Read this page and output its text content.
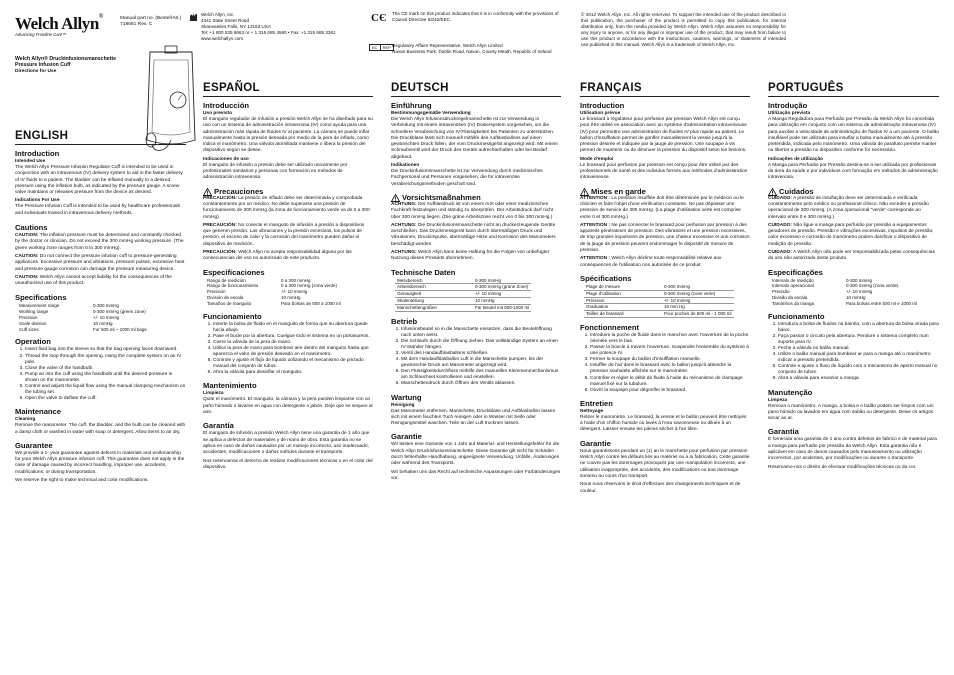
Welch Allyn®
Advancing Frontline Care™
Manual part no. (Bestell-Nr.)
718681 Rev. C
Welch Allyn® Druckinfusionsmanschette
Pressure Infusion Cuff
Directions for Use
Welch Allyn, Inc.
4341 State Street Road
Skaneateles Falls, NY 13153 USA
Tel: +1 800 535 6663 or + 1 315 685 4560 • Fax: +1 315 685 3361
www.welchallyn.com
CЄ The CE mark on this product indicates that it is in conformity with the provisions of Council Directive 93/42/EEC.
EC	REP Regulatory Affairs Representative, Welch Allyn Limited
Navan Business Park, Dublin Road, Navan, County Meath, Republic of Ireland
© 2012 Welch Allyn, Inc. All rights reserved. To support the intended use of the product described in this publication, the purchaser of the product is permitted to copy this publication, for internal distribution only, from the media provided by Welch Allyn. Welch Allyn assumes no responsibility for any injury to anyone, or for any illegal or improper use of the product, that may result from failure to use this product in accordance with the instructions, cautions, warnings, or statement of intended use published in this manual. Welch Allyn is a trademark of Welch Allyn, Inc.
ENGLISH
Introduction
Intended Use
The Welch Allyn Pressure Infusion Regulator Cuff is intended to be used in conjunction with an intravenous (IV) delivery system to aid in the faster delivery of IV fluids to a patient. The bladder can be inflated manually to a desired pressure using the inflation bulb, as indicated by the pressure gauge. A screw valve maintains or releases pressure from the device as desired.
Indications For Use
The Pressure Infusion Cuff is intended to be used by healthcare professionals and individuals trained in intravenous delivery methods.
Cautions
CAUTION: The inflation pressure must be determined and constantly checked by the doctor or clinician. Do not exceed the 300 mmHg working pressure. (The green working zone ranges from 0 to 300 mmHg).
CAUTION: Do not connect the pressure infusion cuff to pressure-generating appliances. Excessive pressure and vibrations, pressure pulses, excessive heat and pressure gauge corrosion can damage the pressure measuring device.
CAUTION: Welch Allyn cannot accept liability for the consequences of the unauthorized use of this product.
Specifications
Measurement range	0-300 mmHg
Working range	0-300 mmHg (green zone)
Precision	+/- 10 mmHg
Scale division	10 mmHg
Cuff sizes	For 500 ml ~ 1000 ml bags
Operation
1. Insert fluid bag into the sleeve so that the bag opening faces downward.
2. Thread the loop through the opening. Hang the complete system on an IV pole.
3. Close the valve of the handbulb.
4. Pump air into the cuff using the handbulb until the desired pressure is shown on the manometer.
5. Control and adjust the liquid flow using the manual clamping mechanism on the tubing set.
6. Open the valve to deflate the cuff.
Maintenance
Cleaning
Remove the manometer. The cuff, the bladder, and the bulb can be cleaned with a damp cloth or washed in water with soap or detergent. Allow items to air dry.
Guarantee
We provide a 1- year guarantee against defects in materials and workmanship for your Welch Allyn pressure infusion cuff. This guarantee does not apply in the case of damage caused by incorrect handling, improper use, accidents, modifications, or during transportation.
We reserve the right to make technical and color modifications.
ESPAÑOL
Introducción
Uso previsto
El manguito regulador de infusión a presión Welch Allyn se ha diseñado para su uso con un sistema de administración intravenosa (IV) como ayuda para una administración más rápida de fluidos IV al paciente. La cámara se puede inflar manualmente hasta la presión deseada por medio de la pera de inflado, como indica el manómetro. Una válvula atornillada mantiene o libera la presión del dispositivo según se desee.
Indicaciones de uso
El manguito de infusión a presión debe ser utilizado únicamente por profesionales sanitarios y personas con formación en métodos de administración intravenosa.
Precauciones
PRECAUCIÓN: La presión de inflado debe ser determinada y comprobada constantemente por un médico. No debe superarse una presión de funcionamiento de 300 mmHg (la zona de funcionamiento verde va de 0 a 300 mmHg).
PRECAUCIÓN: No conecte el manguito de infusión a presión a dispositivos que generen presión. Las vibraciones y la presión excesivas, los pulsos de presión, el exceso de calor y la corrosión del manómetro pueden dañar el dispositivo de medición.
PRECAUCIÓN: Welch Allyn no acepta responsabilidad alguna por las consecuencias del uso no autorizado de este producto.
Especificaciones
Rango de medición	0 a 300 mmHg
Rango de funcionamiento	0 a 300 mmHg (zona verde)
Precisión	+/- 10 mmHg
División de escala	10 mmHg
Tamaños de manguito	Para bolsas de 500 a 1000 ml
Funcionamiento
1. Inserte la bolsa de fluido en el manguito de forma que su abertura quede hacia abajo.
2. Pase el bucle por la abertura. Cuelgue todo el sistema en un portasueros.
3. Cierre la válvula de la pera de mano.
4. Utilice la pera de mano para bombear aire dentro del manguito hasta que aparezca el valor de presión deseado en el manómetro.
5. Controle y ajuste el flujo de líquido utilizando el mecanismo de pinzado manual del conjunto de tubos.
6. Abra la válvula para desinflar el manguito.
Mantenimiento
Limpieza
Quite el manómetro. El manguito, la cámara y la pera pueden limpiarse con un paño húmedo o lavarse en agua con detergente o jabón. Deje que se sequen al aire.
Garantía
El manguito de infusión a presión Welch Allyn tiene una garantía de 1 año que se aplica a defectos de materiales y de mano de obra. Esta garantía no se aplica en caso de daños causados por un manejo incorrecto, uso inadecuado, accidentes, modificaciones o daños sufridos durante el transporte.
Nos reservamos el derecho de realizar modificaciones técnicas o en el color del dispositivo.
DEUTSCH
Einführung
Bestimmungsgemäße Verwendung
Die Welch Allyn Infusionsdruckregelmanschette ist zur Verwendung in Verbindung mit einem intravenösen (IV) Dosiersystem vorgesehen, um die schnellere Verabreichung von IV-Flüssigkeiten bei Patienten zu unterstützen. Die Druckblase lässt sich manuell mithilfe des Aufblasballons auf einen gewünschten Druck füllen, der vom Druckmessgerät angezeigt wird. Mit einem Schraubventil wird der Druck des Geräts aufrechterhalten oder bei Bedarf abgebaut.
Indikationen
Die Druckinfusionsmanschette ist zur Verwendung durch medizinisches Fachpersonal und Personen vorgesehen, die für intravenöse Verabreichungsmethoden geschult sind.
Vorsichtsmaßnahmen
ACHTUNG: Der Aufblasdruck ist von einem Arzt oder einer medizinischen Fachkraft festzulegen und ständig zu überprüfen. Der Arbeitsdruck darf nicht über 300 mmHg liegen. (Die grüne Arbeitszone reicht von 0 bis 300 mmHg.)
ACHTUNG: Die Druckinfusionsmanschette nicht an druckerzeugende Geräte anschließen. Das Druckmessgerät kann durch übermäßigen Druck und Vibrationen, Druckimpulse, übermäßige Hitze und Korrosion des Manometers beschädigt werden.
ACHTUNG: Welch Allyn kann keine Haftung für die Folgen von unbefugter Nutzung dieses Produkts übernehmen.
Technische Daten
Messbereich	0-300 mmHg
Arbeitsbereich	0-300 mmHg (grüne Zone)
Genauigkeit	+/- 10 mmHg
Skalenteilung	10 mmHg
Manschettengrößen	Für Beutel mit 500-1000 ml
Betrieb
1. Infusionsbeutel so in die Manschette einsetzen, dass die Beutelöffnung nach unten weist.
2. Die Schlaufe durch die Öffnung ziehen. Das vollständige System an einen IV-Ständer hängen.
3. Ventil des Handaufblasballons schließen.
4. Mit dem Handaufblasballon Luft in die Manschette pumpen, bis der gewünschte Druck am Manometer angezeigt wird.
5. Den Flüssigkeitsdurchfluss mithilfe des manuellen Klemmenmechanismus am Schlauchset kontrollieren und einstellen.
6. Manschettendruck durch Öffnen des Ventils ablassen.
Wartung
Reinigung
Das Manometer entfernen. Manschette, Druckblase und Aufblasballon lassen sich mit einem feuchten Tuch reinigen oder in Wasser mit Seife oder Reinigungsmittel waschen. Teile an der Luft trocknen lassen.
Garantie
Wir leisten eine Garantie von 1 Jahr auf Material- und Herstellungsfehler für die Welch Allyn Druckinfusionsmanschette. Diese Garantie gilt nicht für Schäden durch fehlerhafte Handhabung, ungeeignete Verwendung, Unfälle, Änderungen oder während des Transports.
Wir behalten uns das Recht auf technische Anpassungen oder Farbänderungen vor.
FRANÇAIS
Introduction
Utilisation prévue
Le brassard à régulateur pour perfusion par pression Welch Allyn est conçu pour être utilisé en association avec un système d'administration intraveineuse (IV) pour permettre une administration de fluides IV plus rapide au patient. Le ballon d'insufflation permet de gonfler manuellement la vessie jusqu'à la pression désirée et indiquée par la jauge de pression. Une soupape à vis permet de maintenir ou de diminuer la pression du dispositif selon les besoins.
Mode d'emploi
Le brassard pour perfusion par pression est conçu pour être utilisé par des professionnels de santé et des individus formés aux méthodes d'administration intraveineuse.
Mises en garde
ATTENTION : La pression insufflée doit être déterminée par le médecin ou le clinicien et faire l'objet d'une vérification constante. Ne pas dépasser une pression de service de 300 mmHg. (La plage d'utilisation verte est comprise entre 0 et 300 mmHg.)
ATTENTION : Ne pas connecter le brassard pour perfusion par pression à des appareils générateurs de pression. Des vibrations et une pression excessives, de trop grandes impulsions de pression, une chaleur excessive et une corrosion de la jauge de pression peuvent endommager le dispositif de mesure de pression.
ATTENTION : Welch Allyn décline toute responsabilité relative aux conséquences de l'utilisation non autorisée de ce produit.
Spécifications
Plage de mesure	0-300 mmHg
Plage d'utilisation	0-300 mmHg (zone verte)
Précision	+/- 10 mmHg
Graduation	10 mm Hg
Tailles de brassard	Pour poches de 500 ml - 1 000 ml
Fonctionnement
1. Introduire la poche de fluide dans le manchon avec l'ouverture de la poche orientée vers le bas.
2. Passer la boucle à travers l'ouverture. Suspendre l'ensemble du système à une potence IV.
3. Fermer la soupape du ballon d'insufflation manuelle.
4. Insuffler de l'air dans le brassard avec le ballon jusqu'à atteindre la pression souhaitée affichée sur le manomètre.
5. Contrôler et régler le débit de fluide à l'aide du mécanisme de clampage manuel fixé sur la tubulure.
6. Ouvrir la soupape pour dégonfler le brassard.
Entretien
Nettoyage
Retirer le manomètre. Le brassard, la vessie et le ballon peuvent être nettoyés à l'aide d'un chiffon humide ou lavés à l'eau savonneuse ou diluée à un détergent. Laisser ensuite les pièces sécher à l'air libre.
Garantie
Nous garantissons pendant un (1) an le manchette pour perfusion par pression Welch Allyn contre les défauts liés au matériel ou à la fabrication. Cette garantie ne couvre pas les dommages provoqués par une manipulation incorrecte, une utilisation inappropriée, des accidents, des modifications ou tout dommage survenu au cours d'un transport.
Nous nous réservons le droit d'effectuer des changements techniques et de couleur.
PORTUGUÊS
Introdução
Utilização prevista
A Manga Reguladora para Perfusão por Pressão da Welch Allyn foi concebida para utilização em conjunto com um sistema de administração intravenosa (IV) para auxiliar a velocidade de administração de fluidos IV a um paciente. O balão insuflável pode ser utilizado para insuflar a bolsa manualmente até à pressão pretendida, indicada pelo manómetro. Uma válvula de parafuso permite manter ou libertar a pressão no dispositivo conforme for necessário.
Indicações de utilização
A Manga para Perfusão por Pressão destina-se a ser utilizada por profissionais da área da saúde e por indivíduos com formação em métodos de administração intravenosa.
Cuidados
CUIDADO: A pressão de insuflação deve ser determinada e verificada constantemente pelo médico ou profissional clínico. Não exceder a pressão operacional de 300 mmHg. (A zona operacional "verde" corresponde ao intervalo entre 0 e 300 mmHg.)
CUIDADO: Não ligue a manga para perfusão por pressão a equipamentos geradores de pressão. Pressão e vibrações excessivas, impulsos de pressão, calor excessivo e corrosão do manómetro podem danificar o dispositivo de medição de pressão.
CUIDADO: A Welch Allyn não pode ser responsabilizada pelas consequências do uso não autorizado deste produto.
Especificações
Intervalo de medição	0-300 mmHg
Intervalo operacional	0-300 mmHg (zona verde)
Precisão	+/- 10 mmHg
Divisão da escala	10 mmHg
Tamanhos da manga	Para bolsas entre 500 ml e 1000 ml
Funcionamento
1. Introduza a bolsa de fluidos na bainha, com a abertura da bolsa virada para baixo.
2. Faça passar o circuito pela abertura. Pendure o sistema completo num suporte para IV.
3. Feche a válvula no balão manual.
4. Utilize o balão manual para bombear ar para a manga até o manómetro indicar a pressão pretendida.
5. Controle e ajuste o fluxo de líquido com o mecanismo de aperto manual no conjunto de tubos.
6. Abra a válvula para esvaziar a manga.
Manutenção
Limpeza
Remova o manómetro. A manga, a bolsa e o balão podem ser limpos com um pano húmido ou lavados em água com sabão ou detergente. Deixe os artigos secar ao ar.
Garantia
É fornecida uma garantia de 1 ano contra defeitos de fabrico e de material para a manga para perfusão por pressão da Welch Allyn. Esta garantia não é aplicável em caso de danos causados pelo manuseamento ou utilização incorrectos, por acidentes, por modificações ou durante o transporte.
Reservamo-nos o direito de efectuar modificações técnicas ou da cor.
